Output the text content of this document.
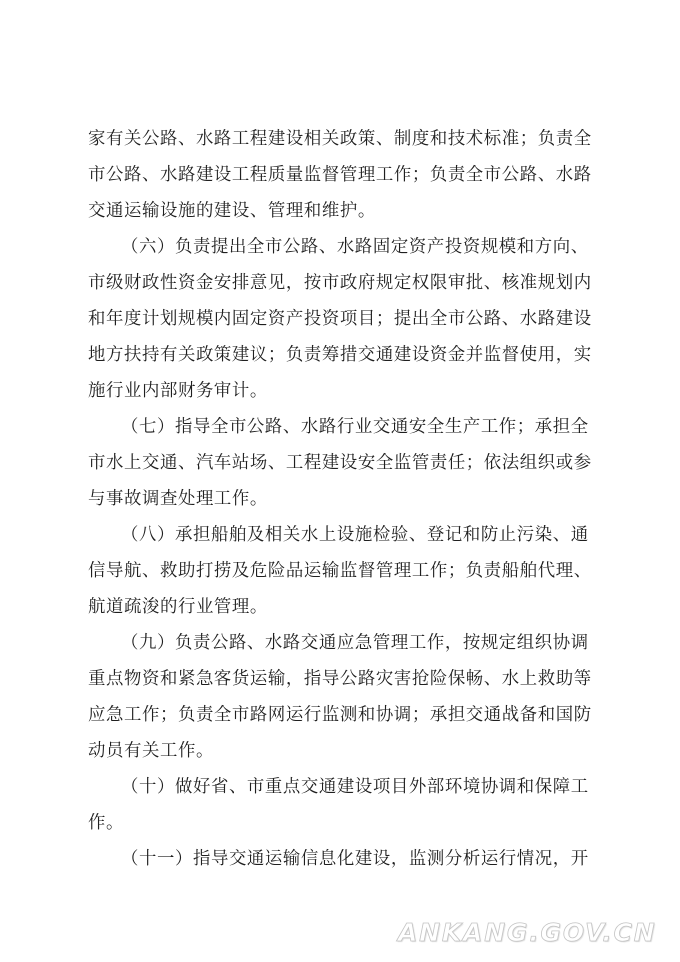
家有关公路、水路工程建设相关政策、制度和技术标准；负责全
市公路、水路建设工程质量监督管理工作；负责全市公路、水路
交通运输设施的建设、管理和维护。
（六）负责提出全市公路、水路固定资产投资规模和方向、
市级财政性资金安排意见，按市政府规定权限审批、核准规划内
和年度计划规模内固定资产投资项目；提出全市公路、水路建设
地方扶持有关政策建议；负责筹措交通建设资金并监督使用，实
施行业内部财务审计。
（七）指导全市公路、水路行业交通安全生产工作；承担全
市水上交通、汽车站场、工程建设安全监管责任；依法组织或参
与事故调查处理工作。
（八）承担船舶及相关水上设施检验、登记和防止污染、通
信导航、救助打捞及危险品运输监督管理工作；负责船舶代理、
航道疏浚的行业管理。
（九）负责公路、水路交通应急管理工作，按规定组织协调
重点物资和紧急客货运输，指导公路灾害抢险保畅、水上救助等
应急工作；负责全市路网运行监测和协调；承担交通战备和国防
动员有关工作。
（十）做好省、市重点交通建设项目外部环境协调和保障工
作。
（十一）指导交通运输信息化建设，监测分析运行情况，开
ANKANG.GOV.CN
